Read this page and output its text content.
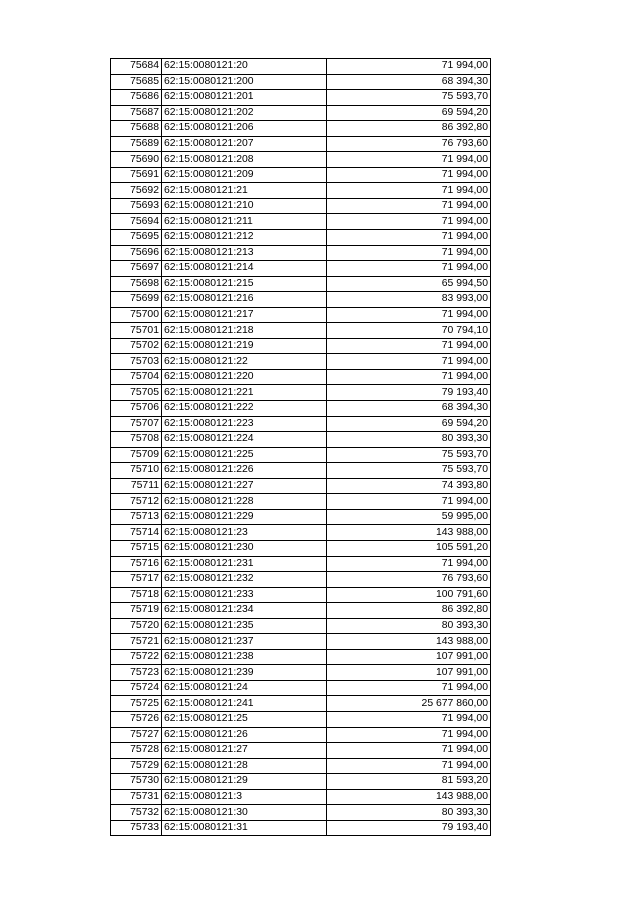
75684	62:15:0080121:20	71 994,00
75685	62:15:0080121:200	68 394,30
75686	62:15:0080121:201	75 593,70
75687	62:15:0080121:202	69 594,20
75688	62:15:0080121:206	86 392,80
75689	62:15:0080121:207	76 793,60
75690	62:15:0080121:208	71 994,00
75691	62:15:0080121:209	71 994,00
75692	62:15:0080121:21	71 994,00
75693	62:15:0080121:210	71 994,00
75694	62:15:0080121:211	71 994,00
75695	62:15:0080121:212	71 994,00
75696	62:15:0080121:213	71 994,00
75697	62:15:0080121:214	71 994,00
75698	62:15:0080121:215	65 994,50
75699	62:15:0080121:216	83 993,00
75700	62:15:0080121:217	71 994,00
75701	62:15:0080121:218	70 794,10
75702	62:15:0080121:219	71 994,00
75703	62:15:0080121:22	71 994,00
75704	62:15:0080121:220	71 994,00
75705	62:15:0080121:221	79 193,40
75706	62:15:0080121:222	68 394,30
75707	62:15:0080121:223	69 594,20
75708	62:15:0080121:224	80 393,30
75709	62:15:0080121:225	75 593,70
75710	62:15:0080121:226	75 593,70
75711	62:15:0080121:227	74 393,80
75712	62:15:0080121:228	71 994,00
75713	62:15:0080121:229	59 995,00
75714	62:15:0080121:23	143 988,00
75715	62:15:0080121:230	105 591,20
75716	62:15:0080121:231	71 994,00
75717	62:15:0080121:232	76 793,60
75718	62:15:0080121:233	100 791,60
75719	62:15:0080121:234	86 392,80
75720	62:15:0080121:235	80 393,30
75721	62:15:0080121:237	143 988,00
75722	62:15:0080121:238	107 991,00
75723	62:15:0080121:239	107 991,00
75724	62:15:0080121:24	71 994,00
75725	62:15:0080121:241	25 677 860,00
75726	62:15:0080121:25	71 994,00
75727	62:15:0080121:26	71 994,00
75728	62:15:0080121:27	71 994,00
75729	62:15:0080121:28	71 994,00
75730	62:15:0080121:29	81 593,20
75731	62:15:0080121:3	143 988,00
75732	62:15:0080121:30	80 393,30
75733	62:15:0080121:31	79 193,40
